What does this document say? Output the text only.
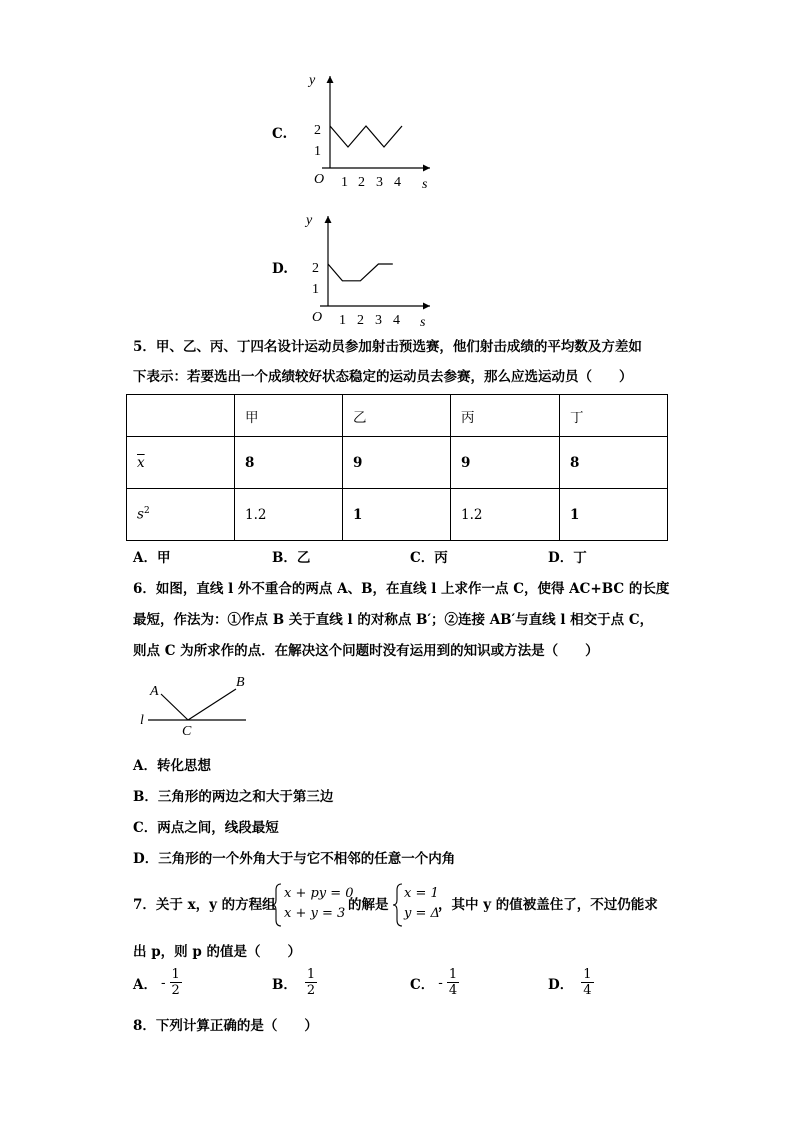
C.
y
s
O
1
2
1 2 3 4
D.
y
s
O
1
2
1 2 3 4
5．甲、乙、丙、丁四名设计运动员参加射击预选赛，他们射击成绩的平均数及方差如
下表示：若要选出一个成绩较好状态稳定的运动员去参赛，那么应选运动员（　　）
	甲	乙	丙	丁
$\overline{x}$	8	9	9	8
$s^2$	1.2	1	1.2	1
A．甲	B．乙	C．丙	D．丁
6．如图，直线 l 外不重合的两点 A、B，在直线 l 上求作一点 C，使得 AC+BC 的长度
最短，作法为：①作点 B 关于直线 l 的对称点 B′；②连接 AB′与直线 l 相交于点 C，
则点 C 为所求作的点．在解决这个问题时没有运用到的知识或方法是（　　）
A
B
C
l
A．转化思想
B．三角形的两边之和大于第三边
C．两点之间，线段最短
D．三角形的一个外角大于与它不相邻的任意一个内角
7．关于 x，y 的方程组
x + py = 0
x + y = 3
的解是
x = 1
y = Δ
，其中 y 的值被盖住了，不过仍能求
出 p，则 p 的值是（　　）
A． - $\frac{1}{2}$	B． $\frac{1}{2}$	C． - $\frac{1}{4}$	D． $\frac{1}{4}$
8．下列计算正确的是（　　）
